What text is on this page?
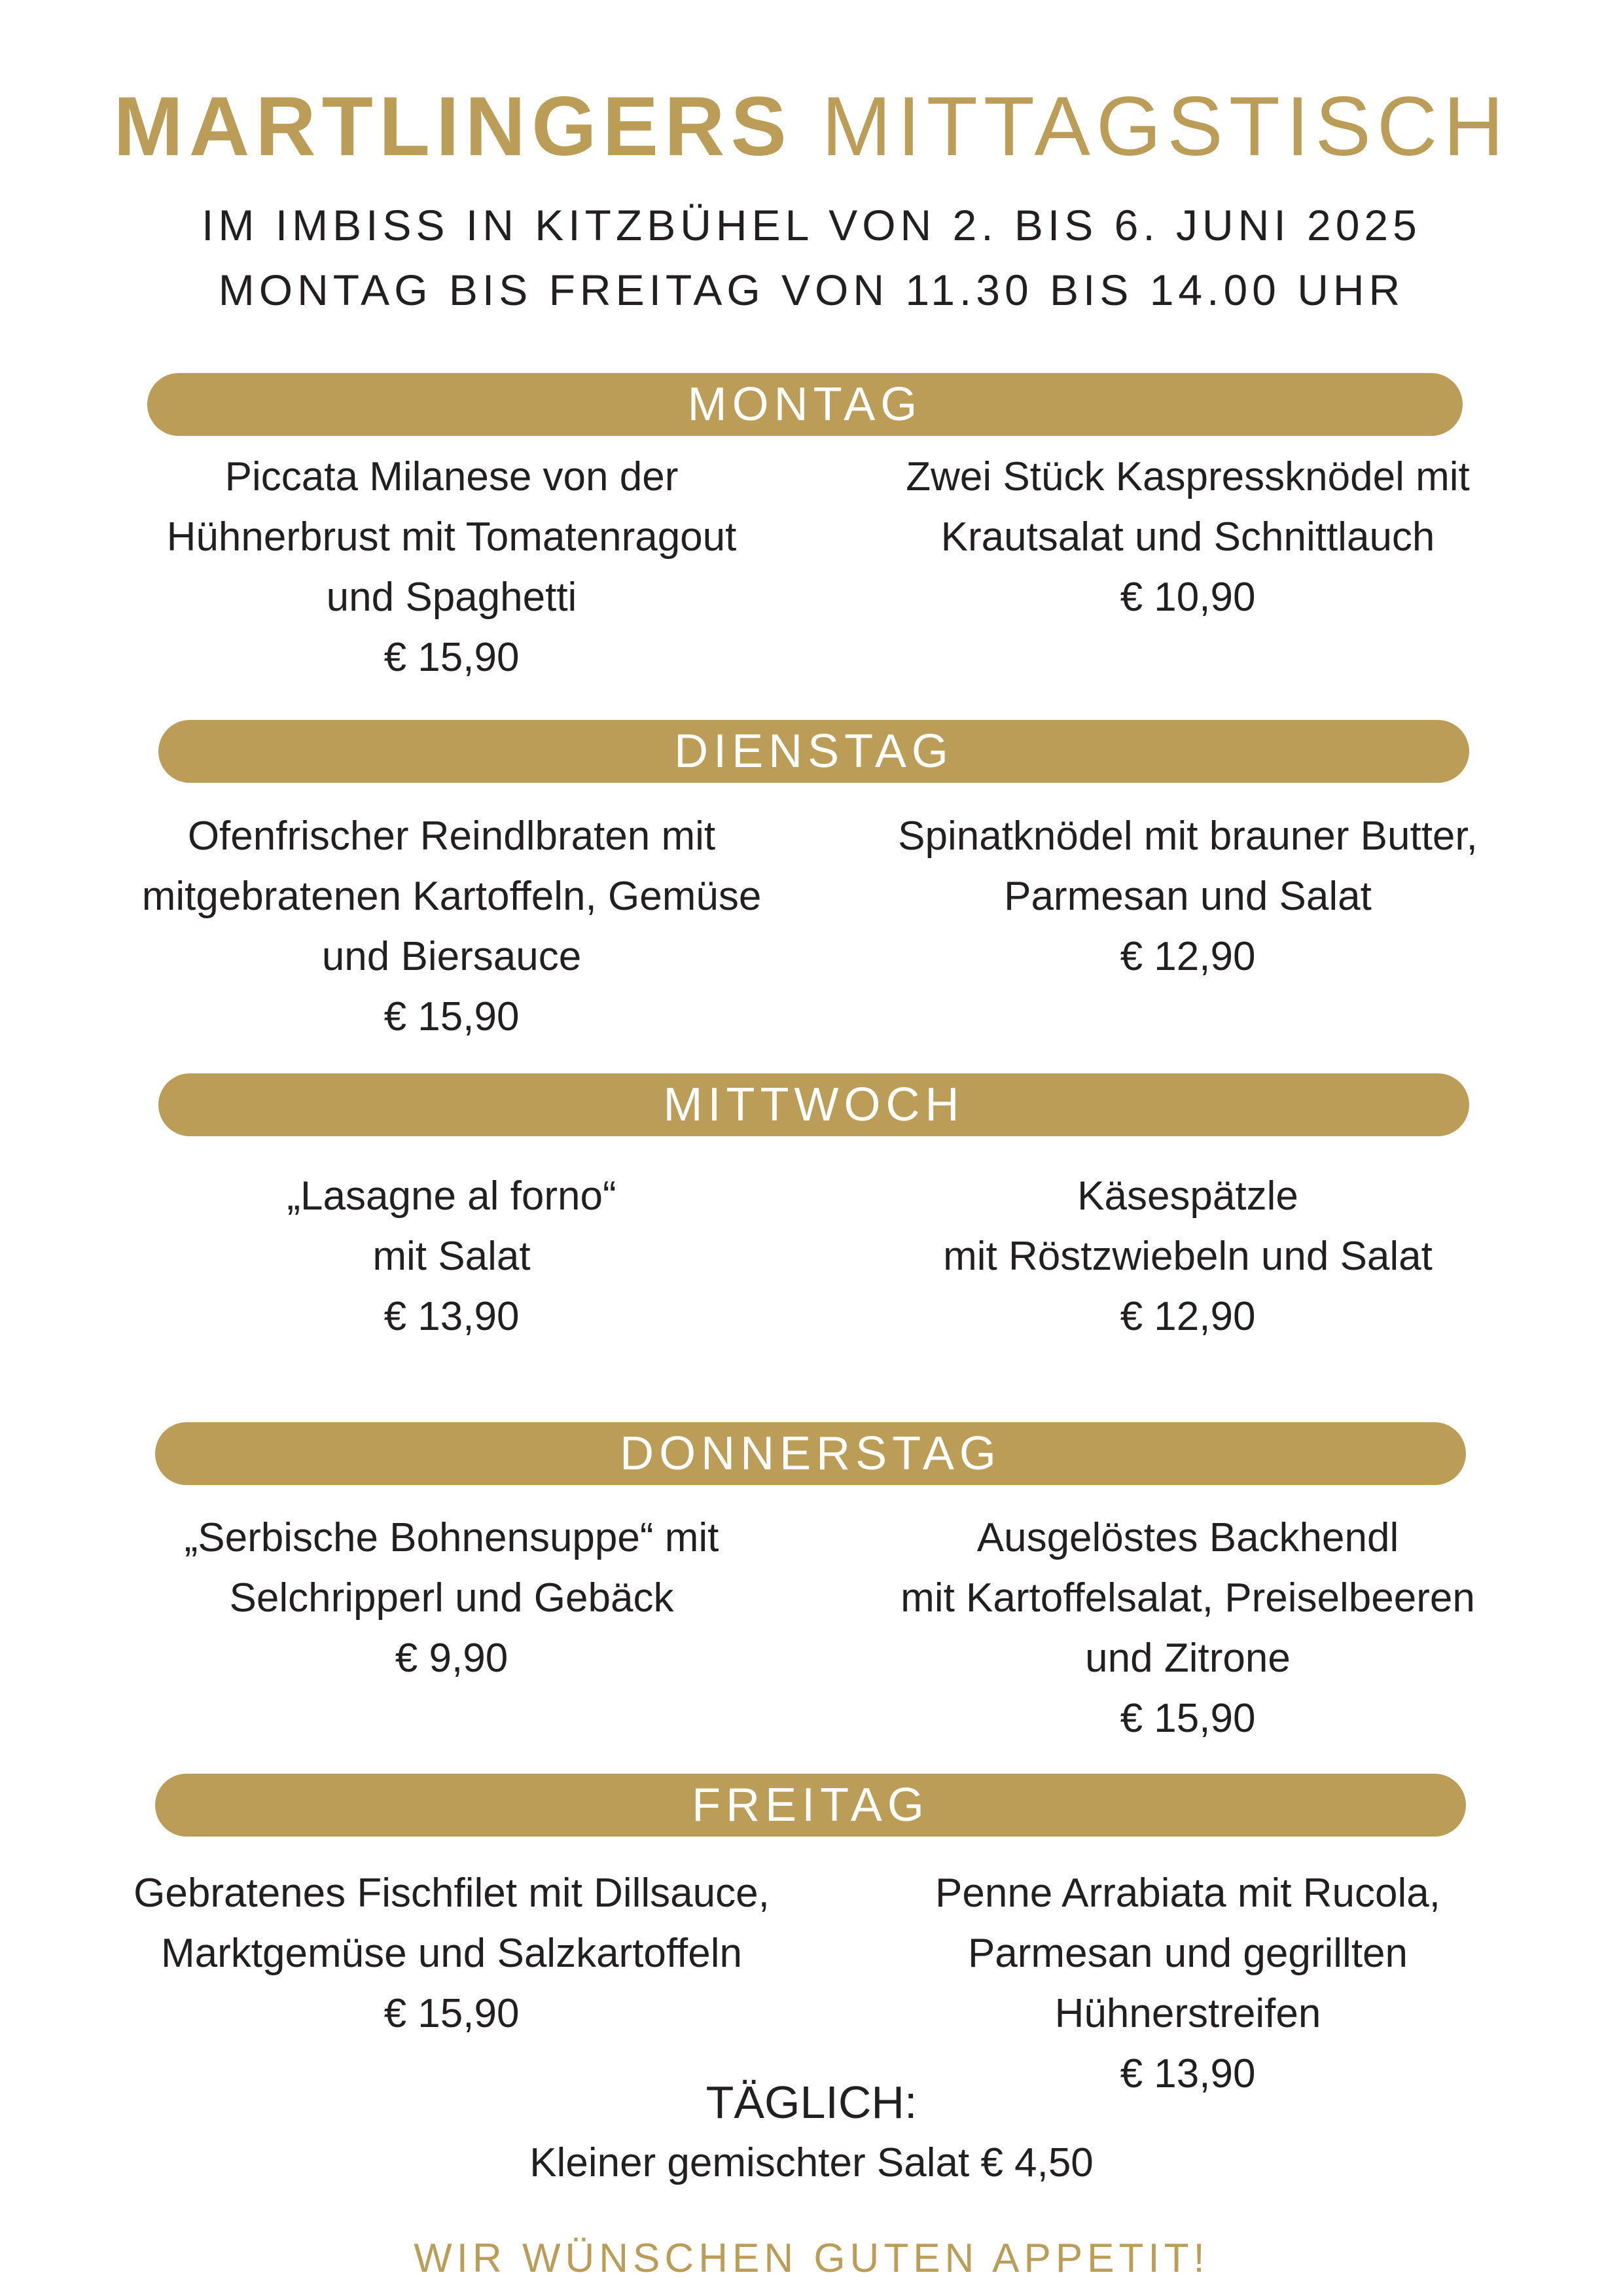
MARTLINGERS MITTAGSTISCH
IM IMBISS IN KITZBÜHEL VON 2. BIS 6. JUNI 2025
MONTAG BIS FREITAG VON 11.30 BIS 14.00 UHR
MONTAG
Piccata Milanese von der
Hühnerbrust mit Tomatenragout
und Spaghetti
€ 15,90
Zwei Stück Kaspressknödel mit
Krautsalat und Schnittlauch
€ 10,90
DIENSTAG
Ofenfrischer Reindlbraten mit
mitgebratenen Kartoffeln, Gemüse
und Biersauce
€ 15,90
Spinatknödel mit brauner Butter,
Parmesan und Salat
€ 12,90
MITTWOCH
„Lasagne al forno“
mit Salat
€ 13,90
Käsespätzle
mit Röstzwiebeln und Salat
€ 12,90
DONNERSTAG
„Serbische Bohnensuppe“ mit
Selchripperl und Gebäck
€ 9,90
Ausgelöstes Backhendl
mit Kartoffelsalat, Preiselbeeren
und Zitrone
€ 15,90
FREITAG
Gebratenes Fischfilet mit Dillsauce,
Marktgemüse und Salzkartoffeln
€ 15,90
Penne Arrabiata mit Rucola,
Parmesan und gegrillten
Hühnerstreifen
€ 13,90
TÄGLICH:
Kleiner gemischter Salat € 4,50
WIR WÜNSCHEN GUTEN APPETIT!
